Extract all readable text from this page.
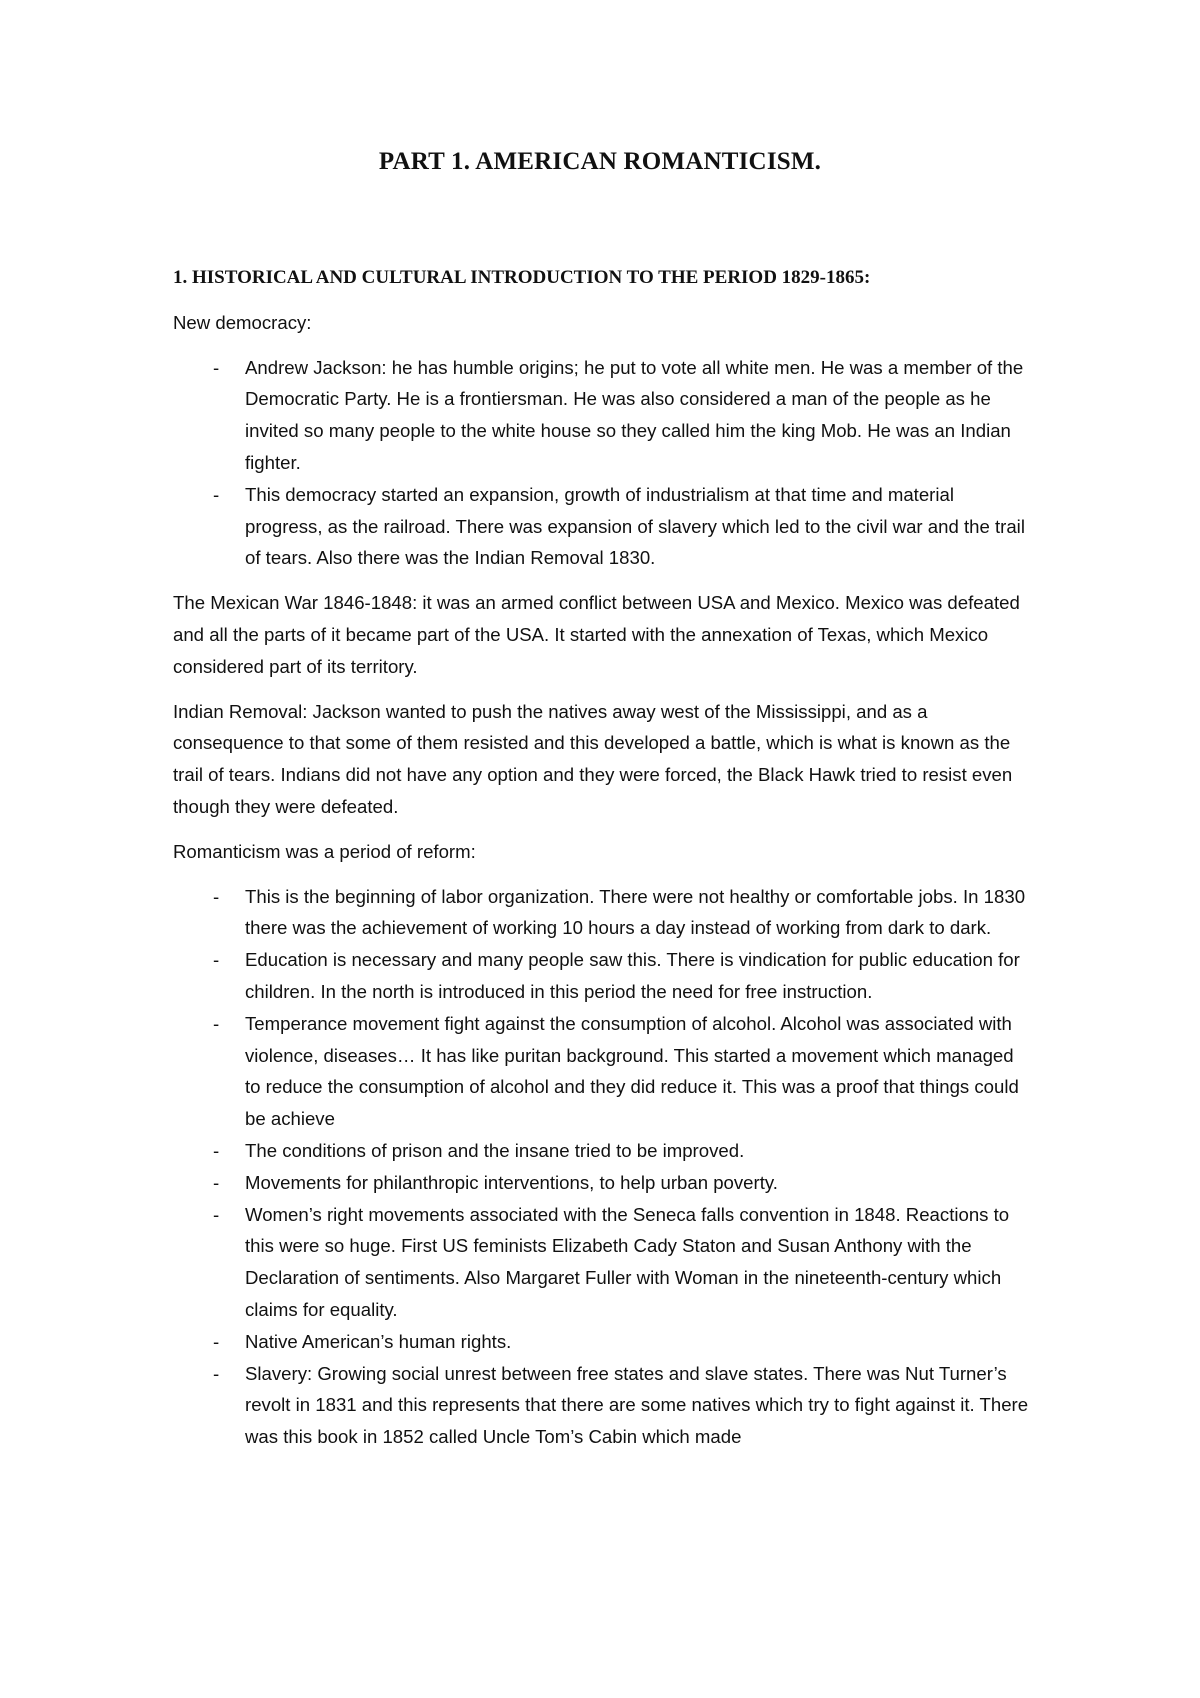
PART 1. AMERICAN ROMANTICISM.
1. HISTORICAL AND CULTURAL INTRODUCTION TO THE PERIOD 1829-1865:

New democracy:

- Andrew Jackson: he has humble origins; he put to vote all white men. He was a member of the Democratic Party. He is a frontiersman. He was also considered a man of the people as he invited so many people to the white house so they called him the king Mob. He was an Indian fighter.
- This democracy started an expansion, growth of industrialism at that time and material progress, as the railroad. There was expansion of slavery which led to the civil war and the trail of tears. Also there was the Indian Removal 1830.

The Mexican War 1846-1848: it was an armed conflict between USA and Mexico. Mexico was defeated and all the parts of it became part of the USA. It started with the annexation of Texas, which Mexico considered part of its territory.

Indian Removal: Jackson wanted to push the natives away west of the Mississippi, and as a consequence to that some of them resisted and this developed a battle, which is what is known as the trail of tears. Indians did not have any option and they were forced, the Black Hawk tried to resist even though they were defeated.

Romanticism was a period of reform:

- This is the beginning of labor organization. There were not healthy or comfortable jobs. In 1830 there was the achievement of working 10 hours a day instead of working from dark to dark.
- Education is necessary and many people saw this. There is vindication for public education for children. In the north is introduced in this period the need for free instruction.
- Temperance movement fight against the consumption of alcohol. Alcohol was associated with violence, diseases… It has like puritan background. This started a movement which managed to reduce the consumption of alcohol and they did reduce it. This was a proof that things could be achieve
- The conditions of prison and the insane tried to be improved.
- Movements for philanthropic interventions, to help urban poverty.
- Women’s right movements associated with the Seneca falls convention in 1848. Reactions to this were so huge. First US feminists Elizabeth Cady Staton and Susan Anthony with the Declaration of sentiments. Also Margaret Fuller with Woman in the nineteenth-century which claims for equality.
- Native American’s human rights.
- Slavery: Growing social unrest between free states and slave states. There was Nut Turner’s revolt in 1831 and this represents that there are some natives which try to fight against it. There was this book in 1852 called Uncle Tom’s Cabin which made
